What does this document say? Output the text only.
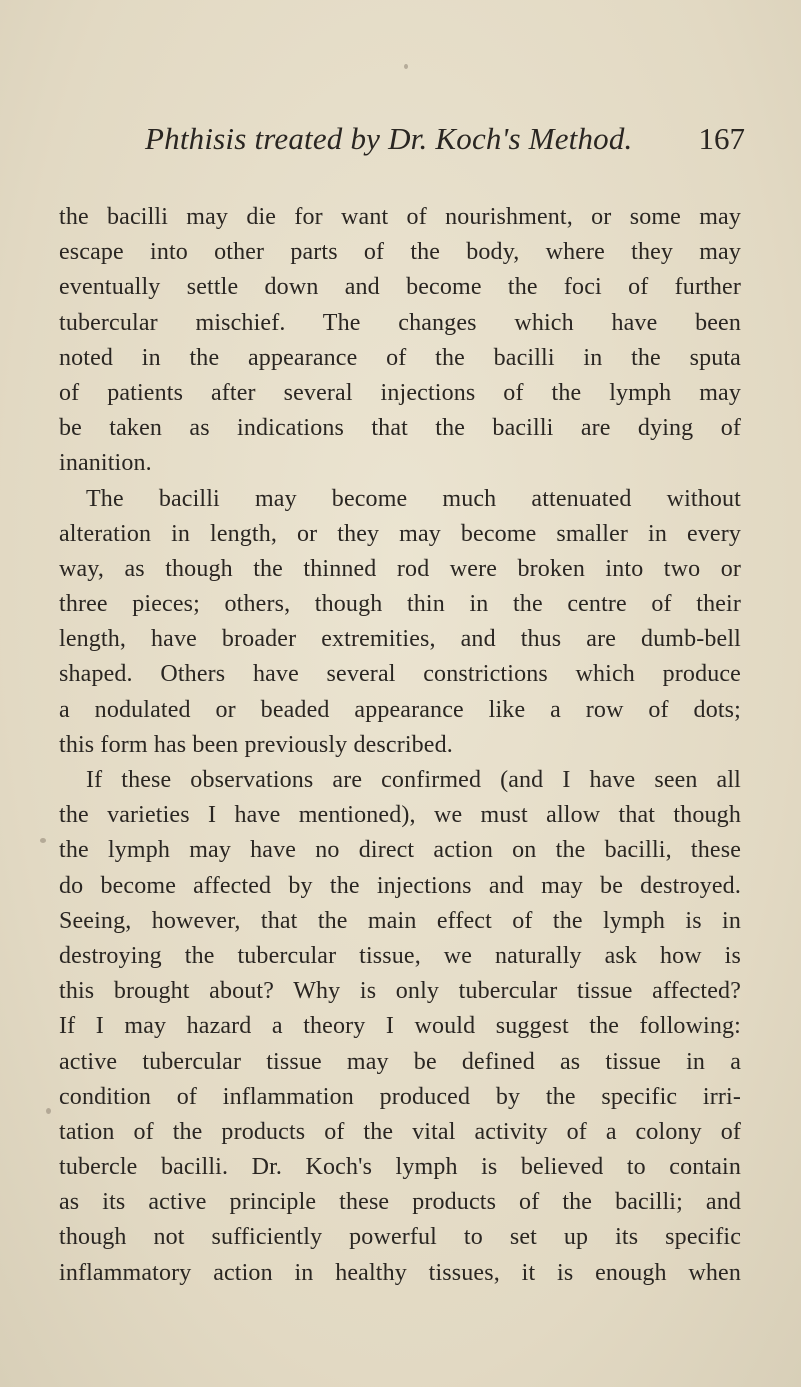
Phthisis treated by Dr. Koch's Method. 167
the bacilli may die for want of nourishment, or some may
escape into other parts of the body, where they may
eventually settle down and become the foci of further
tubercular mischief. The changes which have been
noted in the appearance of the bacilli in the sputa
of patients after several injections of the lymph may
be taken as indications that the bacilli are dying of
inanition.
The bacilli may become much attenuated without
alteration in length, or they may become smaller in every
way, as though the thinned rod were broken into two or
three pieces; others, though thin in the centre of their
length, have broader extremities, and thus are dumb-bell
shaped. Others have several constrictions which produce
a nodulated or beaded appearance like a row of dots;
this form has been previously described.
If these observations are confirmed (and I have seen all
the varieties I have mentioned), we must allow that though
the lymph may have no direct action on the bacilli, these
do become affected by the injections and may be destroyed.
Seeing, however, that the main effect of the lymph is in
destroying the tubercular tissue, we naturally ask how is
this brought about? Why is only tubercular tissue affected?
If I may hazard a theory I would suggest the following:
active tubercular tissue may be defined as tissue in a
condition of inflammation produced by the specific irri-
tation of the products of the vital activity of a colony of
tubercle bacilli. Dr. Koch's lymph is believed to contain
as its active principle these products of the bacilli; and
though not sufficiently powerful to set up its specific
inflammatory action in healthy tissues, it is enough when
